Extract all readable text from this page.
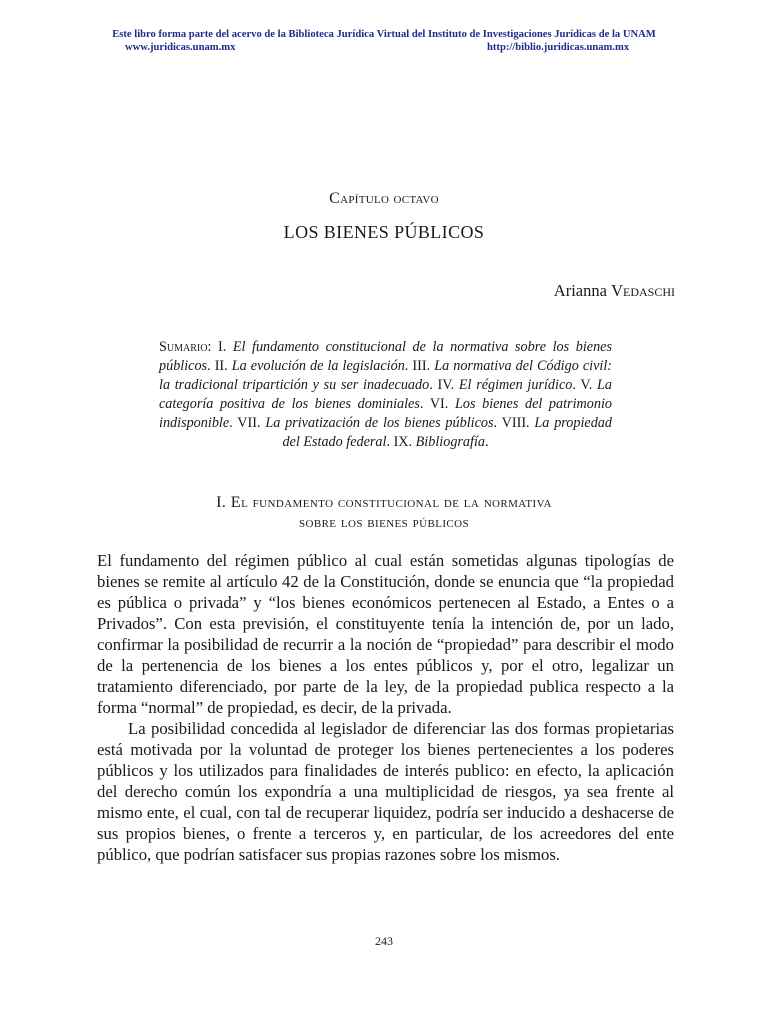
Este libro forma parte del acervo de la Biblioteca Jurídica Virtual del Instituto de Investigaciones Jurídicas de la UNAM
www.juridicas.unam.mx	http://biblio.juridicas.unam.mx
Capítulo octavo
LOS BIENES PÚBLICOS
Arianna Vedaschi
Sumario: I. El fundamento constitucional de la normativa sobre los bienes públicos. II. La evolución de la legislación. III. La normativa del Código civil: la tradicional tripartición y su ser inadecuado. IV. El régimen jurídico. V. La categoría positiva de los bienes dominiales. VI. Los bienes del patrimonio indisponible. VII. La privatización de los bienes públicos. VIII. La propiedad del Estado federal. IX. Bibliografía.
I. El fundamento constitucional de la normativa
sobre los bienes públicos

El fundamento del régimen público al cual están sometidas algunas tipologías de bienes se remite al artículo 42 de la Constitución, donde se enuncia que “la propiedad es pública o privada” y “los bienes económicos pertenecen al Estado, a Entes o a Privados”. Con esta previsión, el constituyente tenía la intención de, por un lado, confirmar la posibilidad de recurrir a la noción de “propiedad” para describir el modo de la pertenencia de los bienes a los entes públicos y, por el otro, legalizar un tratamiento diferenciado, por parte de la ley, de la propiedad publica respecto a la forma “normal” de propiedad, es decir, de la privada.

La posibilidad concedida al legislador de diferenciar las dos formas propietarias está motivada por la voluntad de proteger los bienes pertenecientes a los poderes públicos y los utilizados para finalidades de interés publico: en efecto, la aplicación del derecho común los expondría a una multiplicidad de riesgos, ya sea frente al mismo ente, el cual, con tal de recuperar liquidez, podría ser inducido a deshacerse de sus propios bienes, o frente a terceros y, en particular, de los acreedores del ente público, que podrían satisfacer sus propias razones sobre los mismos.

243
